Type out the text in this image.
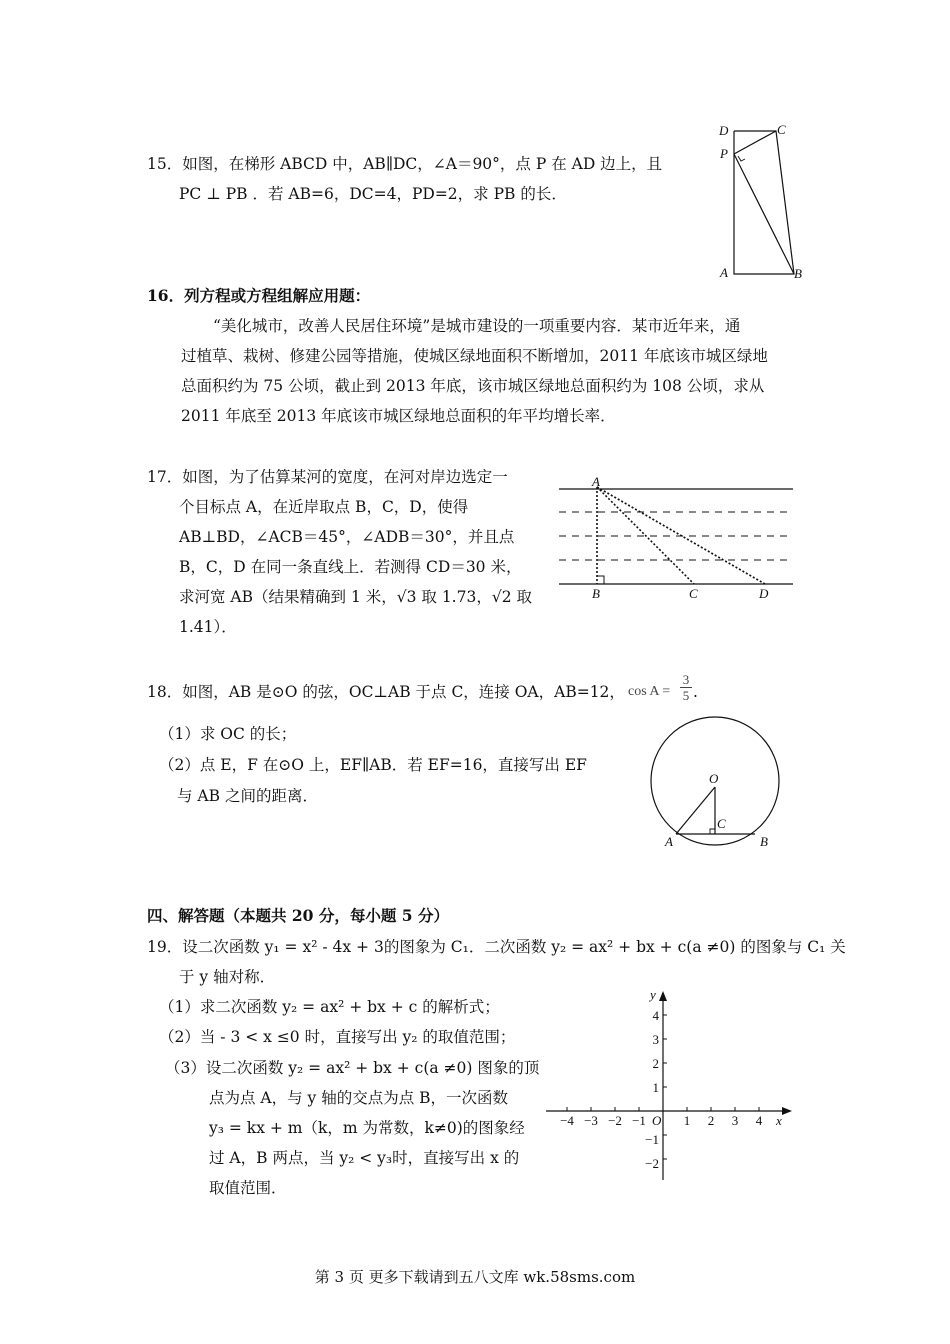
15．如图，在梯形 ABCD 中，AB∥DC，∠A＝90°，点 P 在 AD 边上，且
PC ⊥ PB ．若 AB=6，DC=4，PD=2，求 PB 的长．
D	C
P
A	B
16．列方程或方程组解应用题：
“美化城市，改善人民居住环境”是城市建设的一项重要内容．某市近年来，通
过植草、栽树、修建公园等措施，使城区绿地面积不断增加，2011 年底该市城区绿地
总面积约为 75 公顷，截止到 2013 年底，该市城区绿地总面积约为 108 公顷，求从
2011 年底至 2013 年底该市城区绿地总面积的年平均增长率．
17．如图，为了估算某河的宽度，在河对岸边选定一
个目标点 A，在近岸取点 B，C，D，使得
AB⊥BD，∠ACB＝45°，∠ADB＝30°，并且点
B，C，D 在同一条直线上．若测得 CD＝30 米，
求河宽 AB（结果精确到 1 米，√3 取 1.73，√2 取
1.41）．
A
B	C	D
18．如图，AB 是⊙O 的弦，OC⊥AB 于点 C，连接 OA，AB=12， $\cos A = \frac{3}{5}$ .
（1）求 OC 的长；
（2）点 E，F 在⊙O 上，EF∥AB．若 EF=16，直接写出 EF
与 AB 之间的距离．
O
C
A	B
四、解答题（本题共 20 分，每小题 5 分）
19．设二次函数 y₁ = x² - 4x + 3的图象为 C₁．二次函数 y₂ = ax² + bx + c(a ≠0) 的图象与 C₁ 关
于 y 轴对称．
（1）求二次函数 y₂ = ax² + bx + c 的解析式；
（2）当 - 3 < x ≤0 时，直接写出 y₂ 的取值范围；
（3）设二次函数 y₂ = ax² + bx + c(a ≠0) 图象的顶
点为点 A，与 y 轴的交点为点 B，一次函数
y₃ = kx + m（k，m 为常数，k≠0)的图象经
过 A，B 两点，当 y₂ < y₃时，直接写出 x 的
取值范围．
−4 −3 −2 −1	1 2 3 4
4
3
2
1
−1
−2
x
y
O
第 3 页 更多下载请到五八文库 wk.58sms.com
